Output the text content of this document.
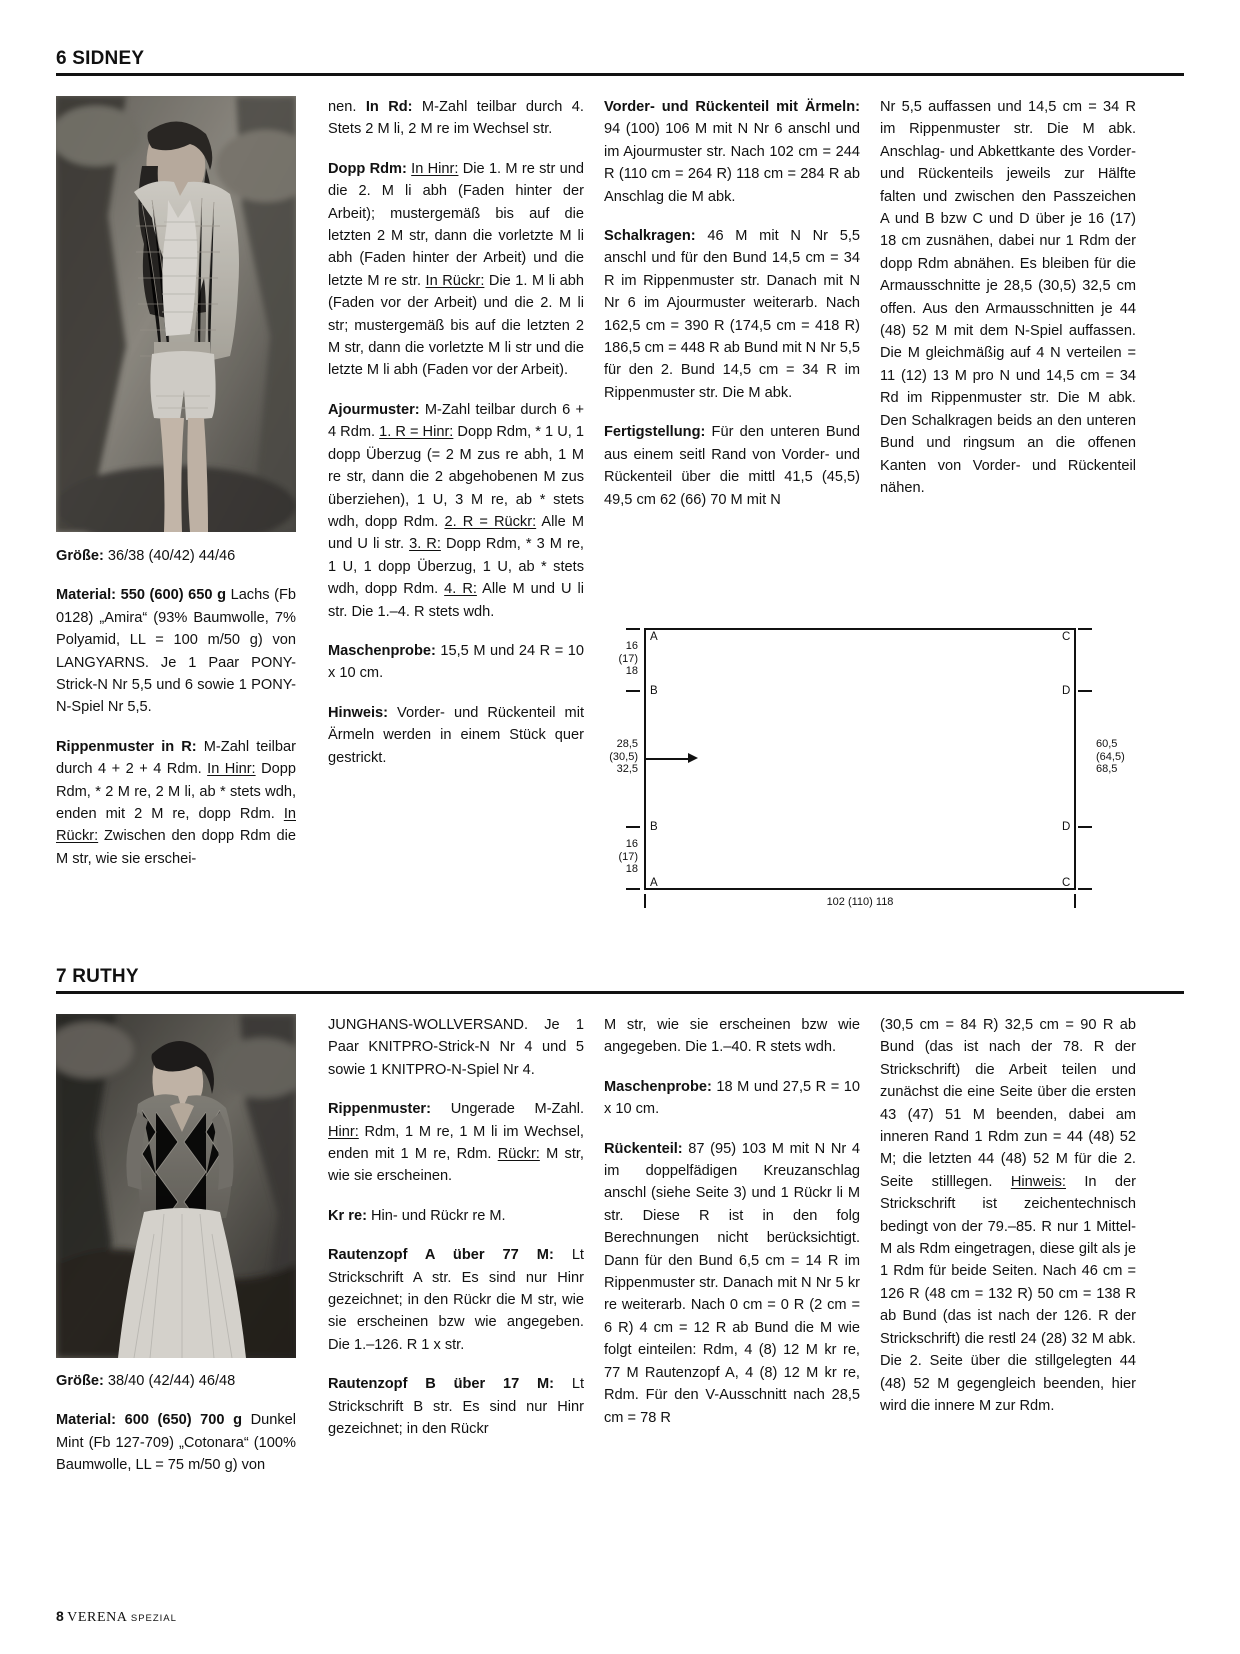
6 SIDNEY

Größe: 36/38 (40/42) 44/46

Material: 550 (600) 650 g Lachs (Fb 0128) „Amira“ (93% Baumwolle, 7% Polyamid, LL = 100 m/50 g) von LANGYARNS. Je 1 Paar PONY-Strick-N Nr 5,5 und 6 sowie 1 PONY-N-Spiel Nr 5,5.

Rippenmuster in R: M-Zahl teilbar durch 4 + 2 + 4 Rdm. In Hinr: Dopp Rdm, * 2 M re, 2 M li, ab * stets wdh, enden mit 2 M re, dopp Rdm. In Rückr: Zwischen den dopp Rdm die M str, wie sie erschei-

nen. In Rd: M-Zahl teilbar durch 4. Stets 2 M li, 2 M re im Wechsel str.

Dopp Rdm: In Hinr: Die 1. M re str und die 2. M li abh (Faden hinter der Arbeit); mustergemäß bis auf die letzten 2 M str, dann die vorletzte M li abh (Faden hinter der Arbeit) und die letzte M re str. In Rückr: Die 1. M li abh (Faden vor der Arbeit) und die 2. M li str; mustergemäß bis auf die letzten 2 M str, dann die vorletzte M li str und die letzte M li abh (Faden vor der Arbeit).

Ajourmuster: M-Zahl teilbar durch 6 + 4 Rdm. 1. R = Hinr: Dopp Rdm, * 1 U, 1 dopp Überzug (= 2 M zus re abh, 1 M re str, dann die 2 abgehobenen M zus überziehen), 1 U, 3 M re, ab * stets wdh, dopp Rdm. 2. R = Rückr: Alle M und U li str. 3. R: Dopp Rdm, * 3 M re, 1 U, 1 dopp Überzug, 1 U, ab * stets wdh, dopp Rdm. 4. R: Alle M und U li str. Die 1.–4. R stets wdh.

Maschenprobe: 15,5 M und 24 R = 10 x 10 cm.

Hinweis: Vorder- und Rückenteil mit Ärmeln werden in einem Stück quer gestrickt.

Vorder- und Rückenteil mit Ärmeln: 94 (100) 106 M mit N Nr 6 anschl und im Ajourmuster str. Nach 102 cm = 244 R (110 cm = 264 R) 118 cm = 284 R ab Anschlag die M abk.

Schalkragen: 46 M mit N Nr 5,5 anschl und für den Bund 14,5 cm = 34 R im Rippenmuster str. Danach mit N Nr 6 im Ajourmuster weiterarb. Nach 162,5 cm = 390 R (174,5 cm = 418 R) 186,5 cm = 448 R ab Bund mit N Nr 5,5 für den 2. Bund 14,5 cm = 34 R im Rippenmuster str. Die M abk.

Fertigstellung: Für den unteren Bund aus einem seitl Rand von Vorder- und Rückenteil über die mittl 41,5 (45,5) 49,5 cm 62 (66) 70 M mit N

Nr 5,5 auffassen und 14,5 cm = 34 R im Rippenmuster str. Die M abk. Anschlag- und Abkettkante des Vorder- und Rückenteils jeweils zur Hälfte falten und zwischen den Passzeichen A und B bzw C und D über je 16 (17) 18 cm zusnähen, dabei nur 1 Rdm der dopp Rdm abnähen. Es bleiben für die Armausschnitte je 28,5 (30,5) 32,5 cm offen. Aus den Armausschnitten je 44 (48) 52 M mit dem N-Spiel auffassen. Die M gleichmäßig auf 4 N verteilen = 11 (12) 13 M pro N und 14,5 cm = 34 Rd im Rippenmuster str. Die M abk. Den Schalkragen beids an den unteren Bund und ringsum an die offenen Kanten von Vorder- und Rückenteil nähen.

16
(17)
18
28,5
(30,5)
32,5
16
(17)
18
60,5
(64,5)
68,5
A
B
B
A
C
D
D
C
102 (110) 118
7 RUTHY

Größe: 38/40 (42/44) 46/48

Material: 600 (650) 700 g Dunkel Mint (Fb 127-709) „Cotonara“ (100% Baumwolle, LL = 75 m/50 g) von

JUNGHANS-WOLLVERSAND. Je 1 Paar KNITPRO-Strick-N Nr 4 und 5 sowie 1 KNITPRO-N-Spiel Nr 4.

Rippenmuster: Ungerade M-Zahl. Hinr: Rdm, 1 M re, 1 M li im Wechsel, enden mit 1 M re, Rdm. Rückr: M str, wie sie erscheinen.

Kr re: Hin- und Rückr re M.

Rautenzopf A über 77 M: Lt Strickschrift A str. Es sind nur Hinr gezeichnet; in den Rückr die M str, wie sie erscheinen bzw wie angegeben. Die 1.–126. R 1 x str.

Rautenzopf B über 17 M: Lt Strickschrift B str. Es sind nur Hinr gezeichnet; in den Rückr

M str, wie sie erscheinen bzw wie angegeben. Die 1.–40. R stets wdh.

Maschenprobe: 18 M und 27,5 R = 10 x 10 cm.

Rückenteil: 87 (95) 103 M mit N Nr 4 im doppelfädigen Kreuzanschlag anschl (siehe Seite 3) und 1 Rückr li M str. Diese R ist in den folg Berechnungen nicht berücksichtigt. Dann für den Bund 6,5 cm = 14 R im Rippenmuster str. Danach mit N Nr 5 kr re weiterarb. Nach 0 cm = 0 R (2 cm = 6 R) 4 cm = 12 R ab Bund die M wie folgt einteilen: Rdm, 4 (8) 12 M kr re, 77 M Rautenzopf A, 4 (8) 12 M kr re, Rdm. Für den V-Ausschnitt nach 28,5 cm = 78 R

(30,5 cm = 84 R) 32,5 cm = 90 R ab Bund (das ist nach der 78. R der Strickschrift) die Arbeit teilen und zunächst die eine Seite über die ersten 43 (47) 51 M beenden, dabei am inneren Rand 1 Rdm zun = 44 (48) 52 M; die letzten 44 (48) 52 M für die 2. Seite stilllegen. Hinweis: In der Strickschrift ist zeichentechnisch bedingt von der 79.–85. R nur 1 Mittel-M als Rdm eingetragen, diese gilt als je 1 Rdm für beide Seiten. Nach 46 cm = 126 R (48 cm = 132 R) 50 cm = 138 R ab Bund (das ist nach der 126. R der Strickschrift) die restl 24 (28) 32 M abk. Die 2. Seite über die stillgelegten 44 (48) 52 M gegengleich beenden, hier wird die innere M zur Rdm.

8 VERENA SPEZIAL
